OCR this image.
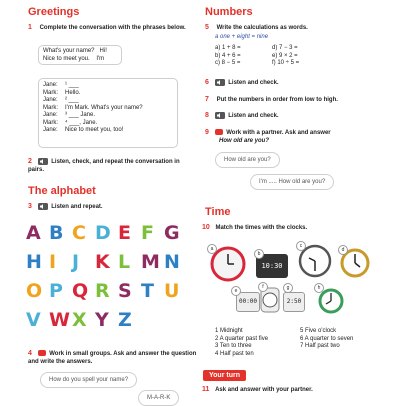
Greetings
1 Complete the conversation with the phrases below.
What's your name? Hi!
Nice to meet you. I'm
Jane: ¹ ___
Mark: Hello.
Jane: ² ___
Mark: I'm Mark. What's your name?
Jane: ³ ___ Jane.
Mark: ⁴ ___, Jane.
Jane: Nice to meet you, too!
2	Listen, check, and repeat the conversation in pairs.
The alphabet
3	Listen and repeat.
A B C D E F G
H I J K L M N
O P Q R S T U
V W X Y Z
4	Work in small groups. Ask and answer the question and write the answers.
How do you spell your name?
M-A-R-K
Numbers
5 Write the calculations as words.
a one + eight = nine
a) 1 + 8 =
b) 4 + 6 =
c) 8 − 5 =
d) 7 − 3 =
e) 9 × 2 =
f) 10 ÷ 5 =
6	Listen and check.
7 Put the numbers in order from low to high.
8	Listen and check.
9	Work with a partner. Ask and answer
How old are you?
How old are you?
I'm ..... How old are you?
Time
10 Match the times with the clocks.
10:30
00:00	2:50
a
b
c
d
e
f	g	h
1 Midnight
2 A quarter past five
3 Ten to three
4 Half past ten
5 Five o'clock
6 A quarter to seven
7 Half past two
Your turn
11 Ask and answer with your partner.
